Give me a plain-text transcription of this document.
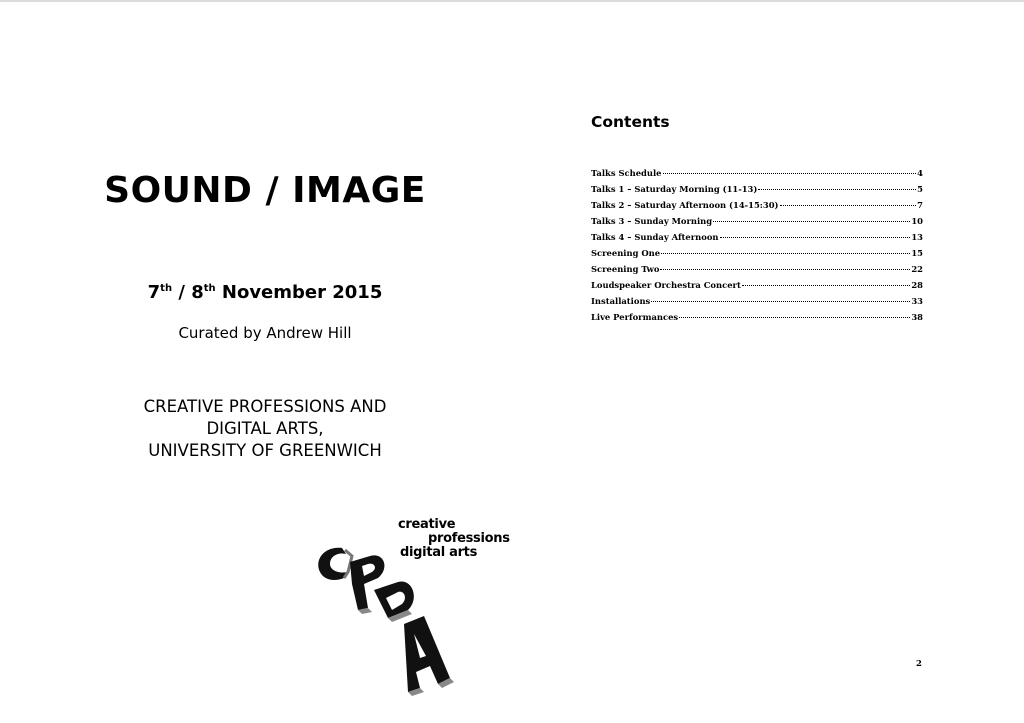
SOUND / IMAGE
7th / 8th November 2015
Curated by Andrew Hill
CREATIVE PROFESSIONS AND
DIGITAL ARTS,
UNIVERSITY OF GREENWICH
creative
professions
digital arts
Contents
Talks Schedule	4
Talks 1 – Saturday Morning (11-13)	5
Talks 2 – Saturday Afternoon (14-15:30)	7
Talks 3 – Sunday Morning	10
Talks 4 – Sunday Afternoon	13
Screening One	15
Screening Two	22
Loudspeaker Orchestra Concert	28
Installations	33
Live Performances	38
2
